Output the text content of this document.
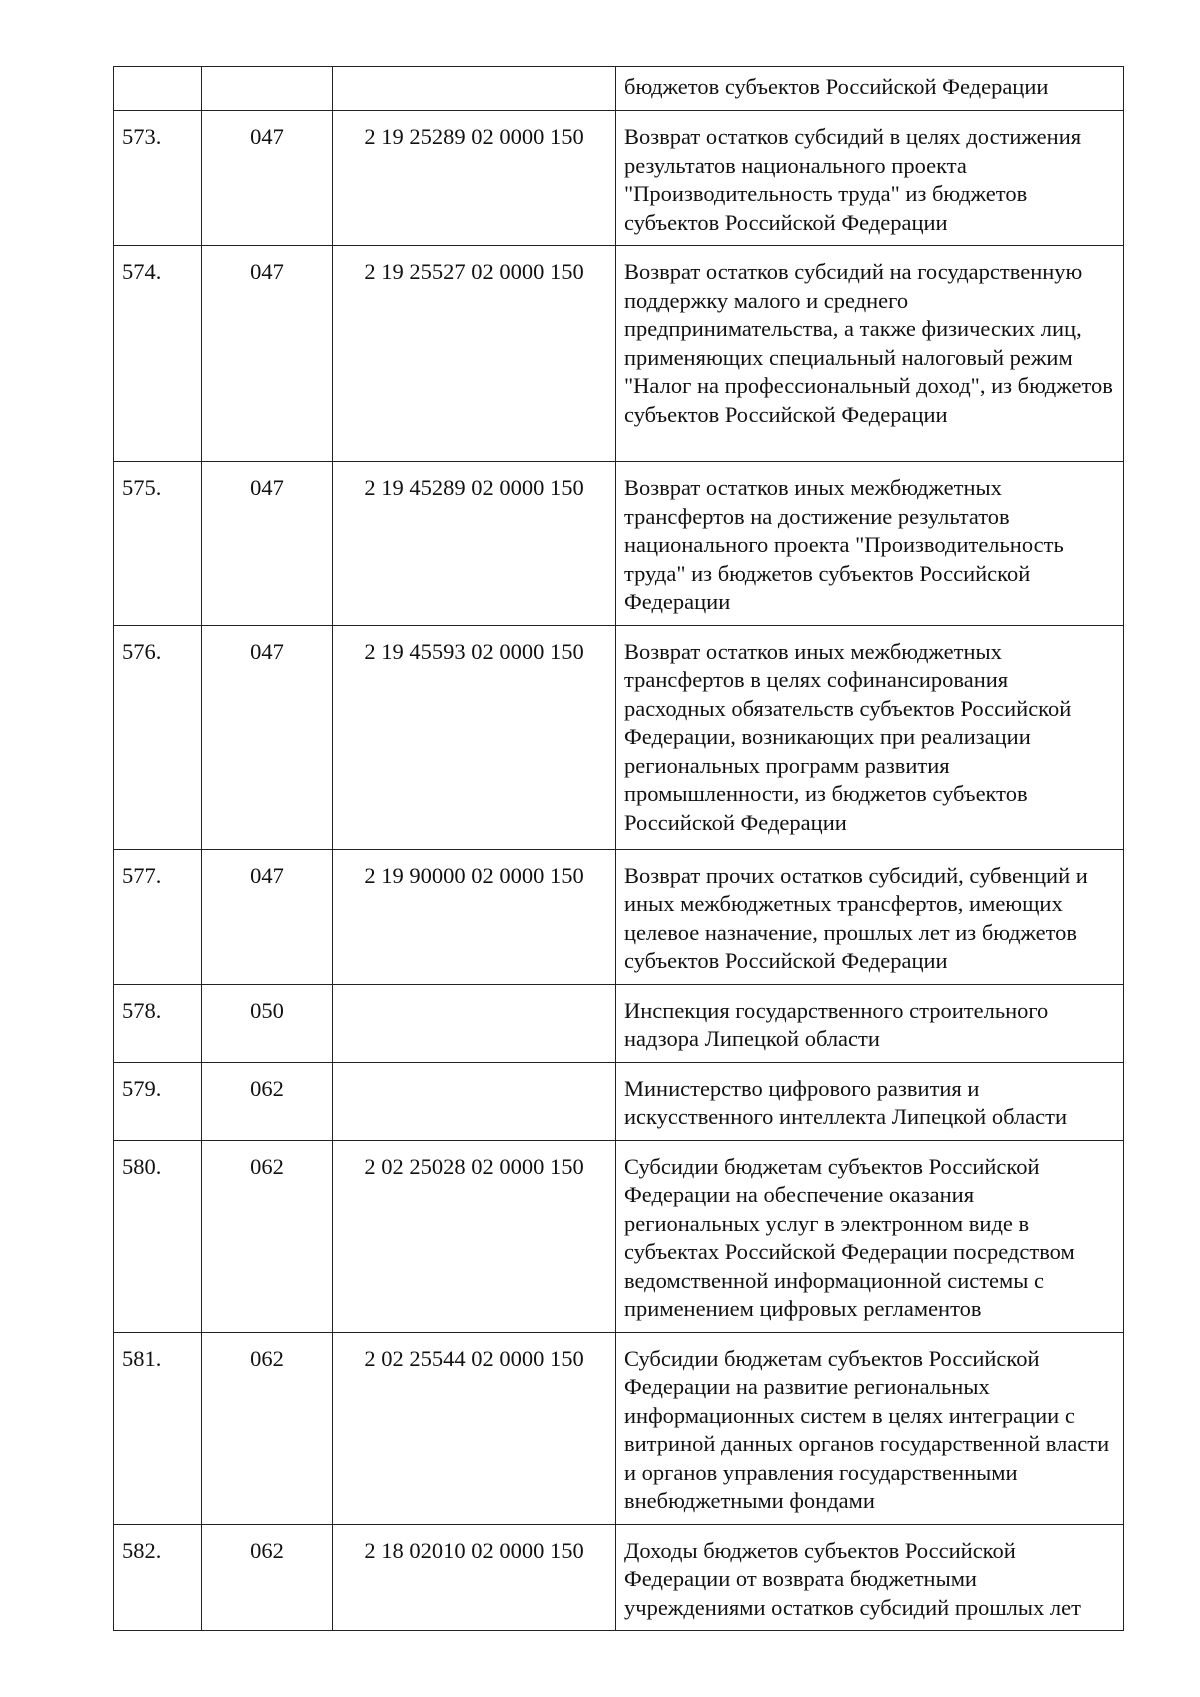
			бюджетов субъектов Российской Федерации
573.	047	2 19 25289 02 0000 150	Возврат остатков субсидий в целях достижения результатов национального проекта "Производительность труда" из бюджетов субъектов Российской Федерации
574.	047	2 19 25527 02 0000 150	Возврат остатков субсидий на государственную поддержку малого и среднего предпринимательства, а также физических лиц, применяющих специальный налоговый режим "Налог на профессиональный доход", из бюджетов субъектов Российской Федерации
575.	047	2 19 45289 02 0000 150	Возврат остатков иных межбюджетных трансфертов на достижение результатов национального проекта "Производительность труда" из бюджетов субъектов Российской Федерации
576.	047	2 19 45593 02 0000 150	Возврат остатков иных межбюджетных трансфертов в целях софинансирования расходных обязательств субъектов Российской Федерации, возникающих при реализации региональных программ развития промышленности, из бюджетов субъектов Российской Федерации
577.	047	2 19 90000 02 0000 150	Возврат прочих остатков субсидий, субвенций и иных межбюджетных трансфертов, имеющих целевое назначение, прошлых лет из бюджетов субъектов Российской Федерации
578.	050		Инспекция государственного строительного надзора Липецкой области
579.	062		Министерство цифрового развития и искусственного интеллекта Липецкой области
580.	062	2 02 25028 02 0000 150	Субсидии бюджетам субъектов Российской Федерации на обеспечение оказания региональных услуг в электронном виде в субъектах Российской Федерации посредством ведомственной информационной системы с применением цифровых регламентов
581.	062	2 02 25544 02 0000 150	Субсидии бюджетам субъектов Российской Федерации на развитие региональных информационных систем в целях интеграции с витриной данных органов государственной власти и органов управления государственными внебюджетными фондами
582.	062	2 18 02010 02 0000 150	Доходы бюджетов субъектов Российской Федерации от возврата бюджетными учреждениями остатков субсидий прошлых лет
